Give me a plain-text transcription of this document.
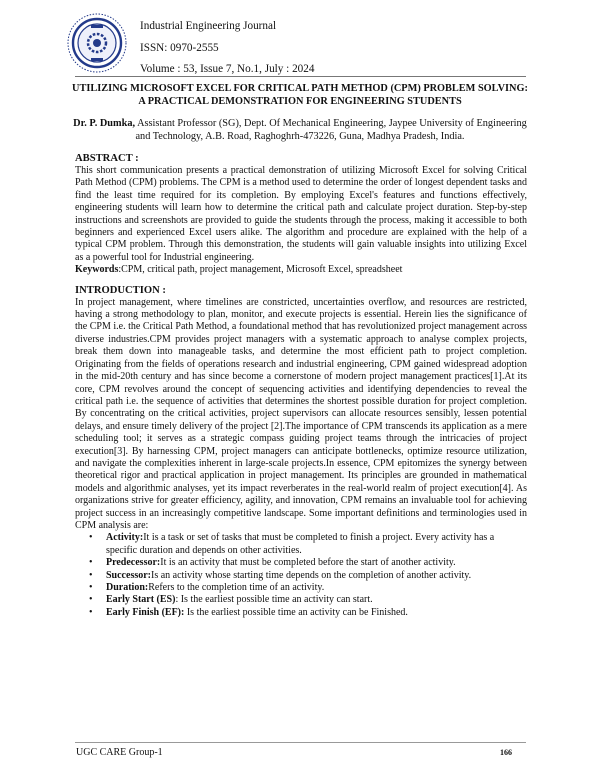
Industrial Engineering Journal
ISSN: 0970-2555
Volume : 53, Issue 7, No.1, July : 2024
UTILIZING MICROSOFT EXCEL FOR CRITICAL PATH METHOD (CPM) PROBLEM SOLVING: A PRACTICAL DEMONSTRATION FOR ENGINEERING STUDENTS
Dr. P. Dumka, Assistant Professor (SG), Dept. Of Mechanical Engineering, Jaypee University of Engineering and Technology, A.B. Road, Raghoghrh-473226, Guna, Madhya Pradesh, India.
ABSTRACT :

This short communication presents a practical demonstration of utilizing Microsoft Excel for solving Critical Path Method (CPM) problems. The CPM is a method used to determine the order of longest dependent tasks and find the least time required for its completion. By employing Excel's features and functions effectively, engineering students will learn how to determine the critical path and calculate project duration. Step-by-step instructions and screenshots are provided to guide the students through the process, making it accessible to both beginners and experienced Excel users alike. The algorithm and procedure are explained with the help of a typical CPM problem. Through this demonstration, the students will gain valuable insights into utilizing Excel as a powerful tool for Industrial engineering.

Keywords:CPM, critical path, project management, Microsoft Excel, spreadsheet

INTRODUCTION :

In project management, where timelines are constricted, uncertainties overflow, and resources are restricted, having a strong methodology to plan, monitor, and execute projects is essential. Herein lies the significance of the CPM i.e. the Critical Path Method, a foundational method that has revolutionized project management across diverse industries.CPM provides project managers with a systematic approach to analyse complex projects, break them down into manageable tasks, and determine the most efficient path to project completion. Originating from the fields of operations research and industrial engineering, CPM gained widespread adoption in the mid-20th century and has since become a cornerstone of modern project management practices[1].At its core, CPM revolves around the concept of sequencing activities and identifying dependencies to reveal the critical path i.e. the sequence of activities that determines the shortest possible duration for project completion. By concentrating on the critical activities, project supervisors can allocate resources sensibly, lessen potential delays, and ensure timely delivery of the project [2].The importance of CPM transcends its application as a mere scheduling tool; it serves as a strategic compass guiding project teams through the intricacies of project execution[3]. By harnessing CPM, project managers can anticipate bottlenecks, optimize resource utilization, and navigate the complexities inherent in large-scale projects.In essence, CPM epitomizes the synergy between theoretical rigor and practical application in project management. Its principles are grounded in mathematical models and algorithmic analyses, yet its impact reverberates in the real-world realm of project execution[4]. As organizations strive for greater efficiency, agility, and innovation, CPM remains an invaluable tool for achieving project success in an increasingly competitive landscape. Some important definitions and terminologies used in CPM analysis are:

• Activity:It is a task or set of tasks that must be completed to finish a project. Every activity has a specific duration and depends on other activities.
• Predecessor:It is an activity that must be completed before the start of another activity.
• Successor:Is an activity whose starting time depends on the completion of another activity.
• Duration:Refers to the completion time of an activity.
• Early Start (ES): Is the earliest possible time an activity can start.
• Early Finish (EF): Is the earliest possible time an activity can be Finished.
UGC CARE Group-1	166
